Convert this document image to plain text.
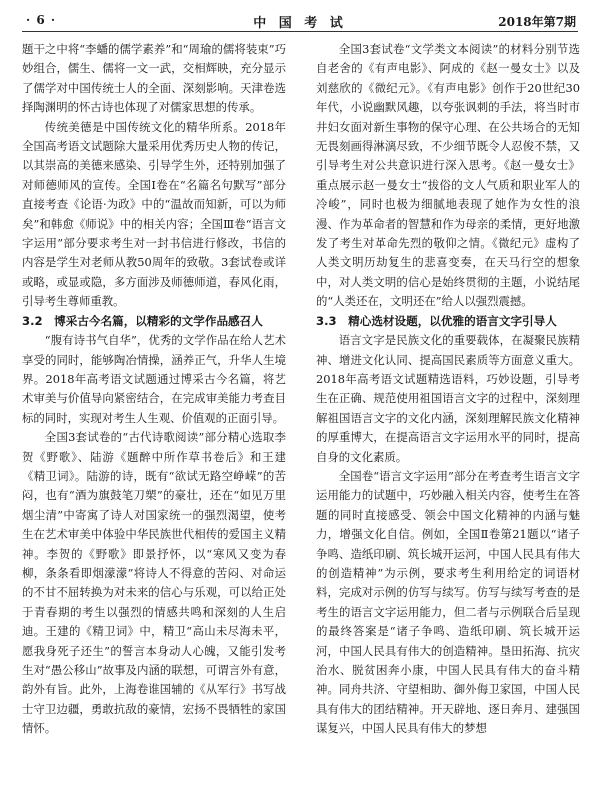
· 6 ·	中 国 考 试	2018年第7期

题干之中将“李蟠的儒学素养”和“周瑜的儒将装束”巧妙组合，儒生、儒将一文一武，交相辉映，充分显示了儒学对中国传统士人的全面、深刻影响。天津卷选择陶渊明的怀古诗也体现了对儒家思想的传承。

传统美德是中国传统文化的精华所系。2018年全国高考语文试题除大量采用优秀历史人物的传记，以其崇高的美德来感染、引导学生外，还特别加强了对师德师风的宣传。全国Ⅰ卷在“名篇名句默写”部分直接考查《论语·为政》中的“温故而知新，可以为师矣”和韩愈《师说》中的相关内容；全国Ⅲ卷“语言文字运用”部分要求考生对一封书信进行修改，书信的内容是学生对老师从教50周年的致敬。3套试卷或详或略，或显或隐，多方面涉及师德师道，春风化雨，引导考生尊师重教。

3.2　博采古今名篇，以精彩的文学作品感召人

“腹有诗书气自华”，优秀的文学作品在给人艺术享受的同时，能够陶冶情操，涵养正气，升华人生境界。2018年高考语文试题通过博采古今名篇，将艺术审美与价值导向紧密结合，在完成审美能力考查目标的同时，实现对考生人生观、价值观的正面引导。

全国3套试卷的“古代诗歌阅读”部分精心选取李贺《野歌》、陆游《题醉中所作草书卷后》和王建《精卫词》。陆游的诗，既有“欲试无路空峥嵘”的苦闷，也有“酒为旗鼓笔刀槊”的豪壮，还在“如见万里烟尘清”中寄寓了诗人对国家统一的强烈渴望，使考生在艺术审美中体验中华民族世代相传的爱国主义精神。李贺的《野歌》即景抒怀，以“寒风又变为春柳，条条看即烟濛濛”将诗人不得意的苦闷、对命运的不甘不屈转换为对未来的信心与乐观，可以给正处于青春期的考生以强烈的情感共鸣和深刻的人生启迪。王建的《精卫词》中，精卫“高山未尽海未平，愿我身死子还生”的誓言本身动人心魄，又能引发考生对“愚公移山”故事及内涵的联想，可谓言外有意，韵外有旨。此外，上海卷谁国辅的《从军行》书写战士守卫边疆，勇敢抗敌的豪情，宏扬不畏牺牲的家国情怀。

全国3套试卷“文学类文本阅读”的材料分别节选自老舍的《有声电影》、阿成的《赵一曼女士》以及刘慈欣的《微纪元》。《有声电影》创作于20世纪30年代，小说幽默风趣，以夸张讽刺的手法，将当时市井妇女面对新生事物的保守心理、在公共场合的无知无畏刻画得淋漓尽致，不少细节既令人忍俊不禁，又引导考生对公共意识进行深入思考。《赵一曼女士》重点展示赵一曼女士“拔俗的文人气质和职业军人的冷峻”，同时也极为细腻地表现了她作为女性的浪漫、作为革命者的智慧和作为母亲的柔情，更好地激发了考生对革命先烈的敬仰之情。《微纪元》虚构了人类文明历劫复生的悲喜变奏，在天马行空的想象中，对人类文明的信心是始终贯彻的主题，小说结尾的“人类还在，文明还在”给人以强烈震撼。

3.3　精心选材设题，以优雅的语言文字引导人

语言文字是民族文化的重要载体，在凝聚民族精神、增进文化认同、提高国民素质等方面意义重大。2018年高考语文试题精选语料，巧妙设题，引导考生在正确、规范使用祖国语言文字的过程中，深刻理解祖国语言文字的文化内涵，深刻理解民族文化精神的厚重博大，在提高语言文字运用水平的同时，提高自身的文化素质。

全国卷“语言文字运用”部分在考查考生语言文字运用能力的试题中，巧妙融入相关内容，使考生在答题的同时直接感受、领会中国文化精神的内涵与魅力，增强文化自信。例如，全国Ⅱ卷第21题以“诸子争鸣、造纸印刷、筑长城开运河，中国人民具有伟大的创造精神”为示例，要求考生利用给定的词语材料，完成对示例的仿写与续写。仿写与续写考查的是考生的语言文字运用能力，但二者与示例联合后呈现的最终答案是“诸子争鸣、造纸印刷、筑长城开运河，中国人民具有伟大的创造精神。垦田拓海、抗灾治水、脱贫困奔小康，中国人民具有伟大的奋斗精神。同舟共济、守望相助、御外侮卫家国，中国人民具有伟大的团结精神。开天辟地、逐日奔月、建强国谋复兴，中国人民具有伟大的梦想
